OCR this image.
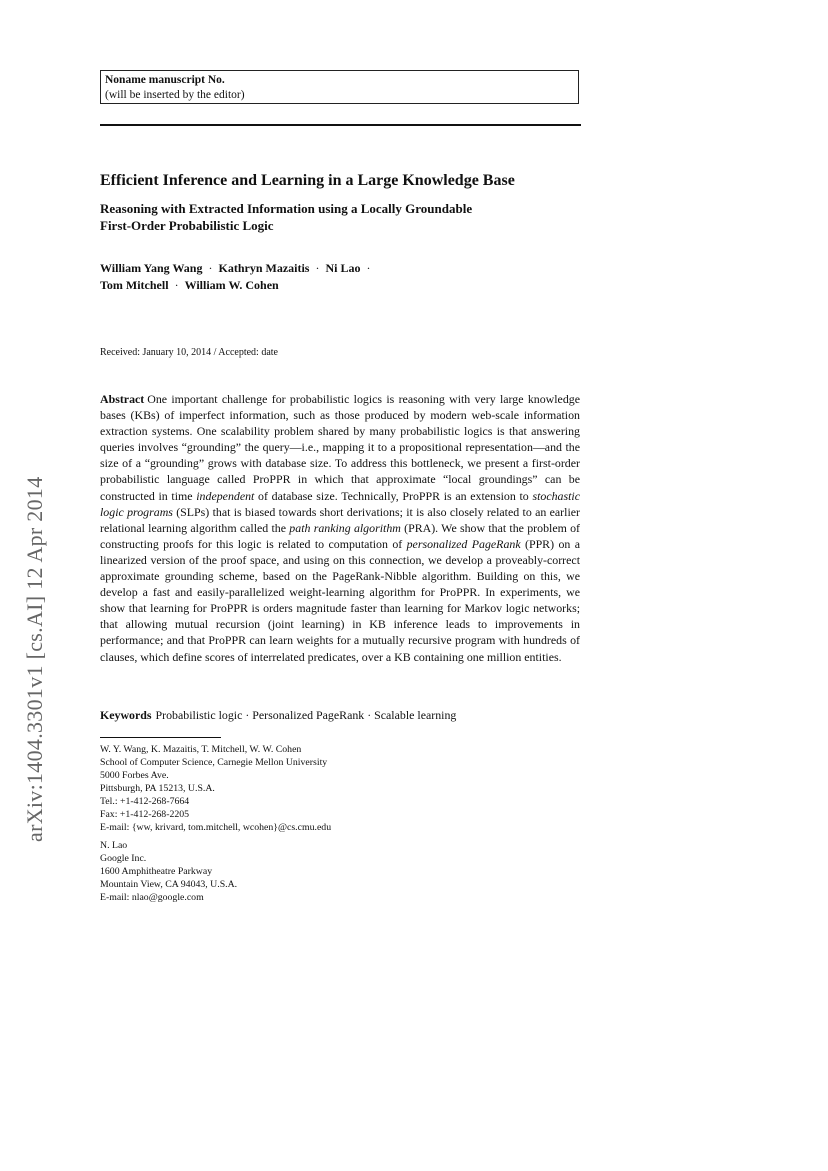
Noname manuscript No.
(will be inserted by the editor)
Efficient Inference and Learning in a Large Knowledge Base
Reasoning with Extracted Information using a Locally Groundable
First-Order Probabilistic Logic
William Yang Wang · Kathryn Mazaitis · Ni Lao ·
Tom Mitchell · William W. Cohen
Received: January 10, 2014 / Accepted: date
arXiv:1404.3301v1 [cs.AI] 12 Apr 2014

Abstract One important challenge for probabilistic logics is reasoning with very large knowledge bases (KBs) of imperfect information, such as those produced by modern web-scale information extraction systems. One scalability problem shared by many probabilistic logics is that answering queries involves “grounding” the query—i.e., mapping it to a propositional representation—and the size of a “grounding” grows with database size. To address this bottleneck, we present a first-order probabilistic language called ProPPR in which that approximate “local groundings” can be constructed in time independent of database size. Technically, ProPPR is an extension to stochastic logic programs (SLPs) that is biased towards short derivations; it is also closely related to an earlier relational learning algorithm called the path ranking algorithm (PRA). We show that the problem of constructing proofs for this logic is related to computation of personalized PageRank (PPR) on a linearized version of the proof space, and using on this connection, we develop a proveably-correct approximate grounding scheme, based on the PageRank-Nibble algorithm. Building on this, we develop a fast and easily-parallelized weight-learning algorithm for ProPPR. In experiments, we show that learning for ProPPR is orders magnitude faster than learning for Markov logic networks; that allowing mutual recursion (joint learning) in KB inference leads to improvements in performance; and that ProPPR can learn weights for a mutually recursive program with hundreds of clauses, which define scores of interrelated predicates, over a KB containing one million entities.

Keywords Probabilistic logic · Personalized PageRank · Scalable learning
W. Y. Wang, K. Mazaitis, T. Mitchell, W. W. Cohen
School of Computer Science, Carnegie Mellon University
5000 Forbes Ave.
Pittsburgh, PA 15213, U.S.A.
Tel.: +1-412-268-7664
Fax: +1-412-268-2205
E-mail: {ww, krivard, tom.mitchell, wcohen}@cs.cmu.edu
N. Lao
Google Inc.
1600 Amphitheatre Parkway
Mountain View, CA 94043, U.S.A.
E-mail: nlao@google.com
